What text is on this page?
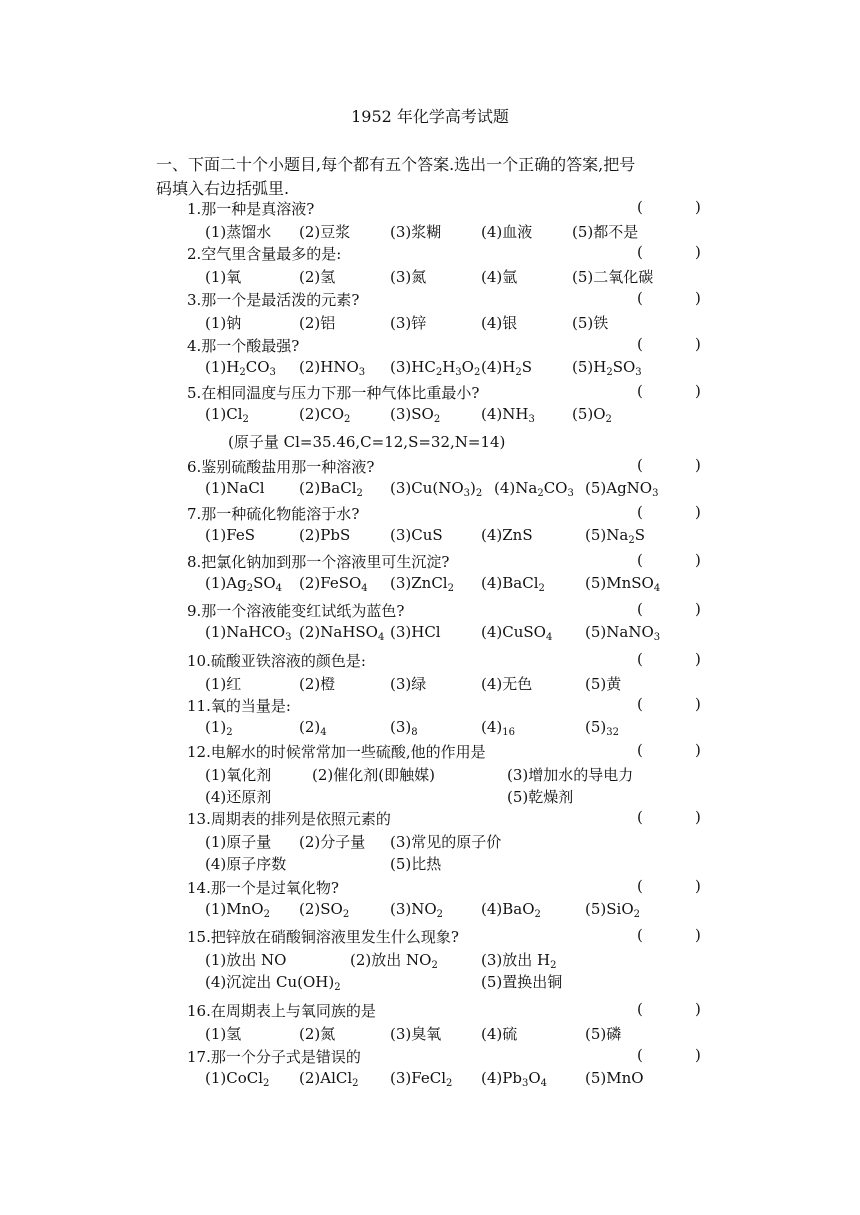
1952 年化学高考试题
一、下面二十个小题目,每个都有五个答案.选出一个正确的答案,把号
码填入右边括弧里.
1.那一种是真溶液?	(	)
(1)蒸馏水 (2)豆浆	(3)浆糊	(4)血液	(5)都不是
2.空气里含量最多的是:	(	)
(1)氧	(2)氢	(3)氮	(4)氩	(5)二氧化碳
3.那一个是最活泼的元素?	(	)
(1)钠	(2)铝	(3)锌	(4)银	(5)铁
4.那一个酸最强?	(	)
$(1)H_2CO_3$ $(2)HNO_3$ $(3)HC_2H_3O_2$ $(4)H_2S$	$(5)H_2SO_3$
5.在相同温度与压力下那一种气体比重最小?	(	)
$(1)Cl_2$	$(2)CO_2$	$(3)SO_2$	$(4)NH_3$ $(5)O_2$
(原子量 Cl=35.46,C=12,S=32,N=14)
6.鉴别硫酸盐用那一种溶液?	(	)
(1)NaCl (2)BaCl$_2$ $(3)Cu(NO_3)_2$ $(4)Na_2CO_3$ (5)AgNO$_3$
7.那一种硫化物能溶于水?	(	)
(1)FeS	(2)PbS	(3)CuS	(4)ZnS	$(5)Na_2S$
8.把氯化钠加到那一个溶液里可生沉淀?	(	)
$(1)Ag_2SO_4$ (2)FeSO$_4$ (3)ZnCl$_2$ (4)BaCl$_2$	(5)MnSO$_4$
9.那一个溶液能变红试纸为蓝色?	(	)
(1)NaHCO$_3$ (2)NaHSO$_4$ (3)HCl	(4)CuSO$_4$ (5)NaNO$_3$
10.硫酸亚铁溶液的颜色是:	(	)
(1)红	(2)橙	(3)绿	(4)无色	(5)黄
11.氧的当量是:	(	)
$(1)_2$	$(2)_4$	$(3)_8$	$(4)_{16}$	$(5)_{32}$
12.电解水的时候常常加一些硫酸,他的作用是	(	)
(1)氧化剂	(2)催化剂(即触媒)	(3)增加水的导电力
(4)还原剂	(5)乾燥剂
13.周期表的排列是依照元素的	(	)
(1)原子量 (2)分子量 (3)常见的原子价
(4)原子序数	(5)比热
14.那一个是过氧化物?	(	)
(1)MnO$_2$ $(2)SO_2$	$(3)NO_2$	(4)BaO$_2$	(5)SiO$_2$
15.把锌放在硝酸铜溶液里发生什么现象?	(	)
(1)放出 NO	(2)放出 $NO_2$	(3)放出 $H_2$
(4)沉淀出 $Cu(OH)_2$	(5)置换出铜
16.在周期表上与氧同族的是	(	)
(1)氢	(2)氮	(3)臭氧	(4)硫	(5)磷
17.那一个分子式是错误的	(	)
(1)CoCl$_2$ (2)AlCl$_2$ (3)FeCl$_2$ $(4)Pb_3O_4$	(5)MnO
